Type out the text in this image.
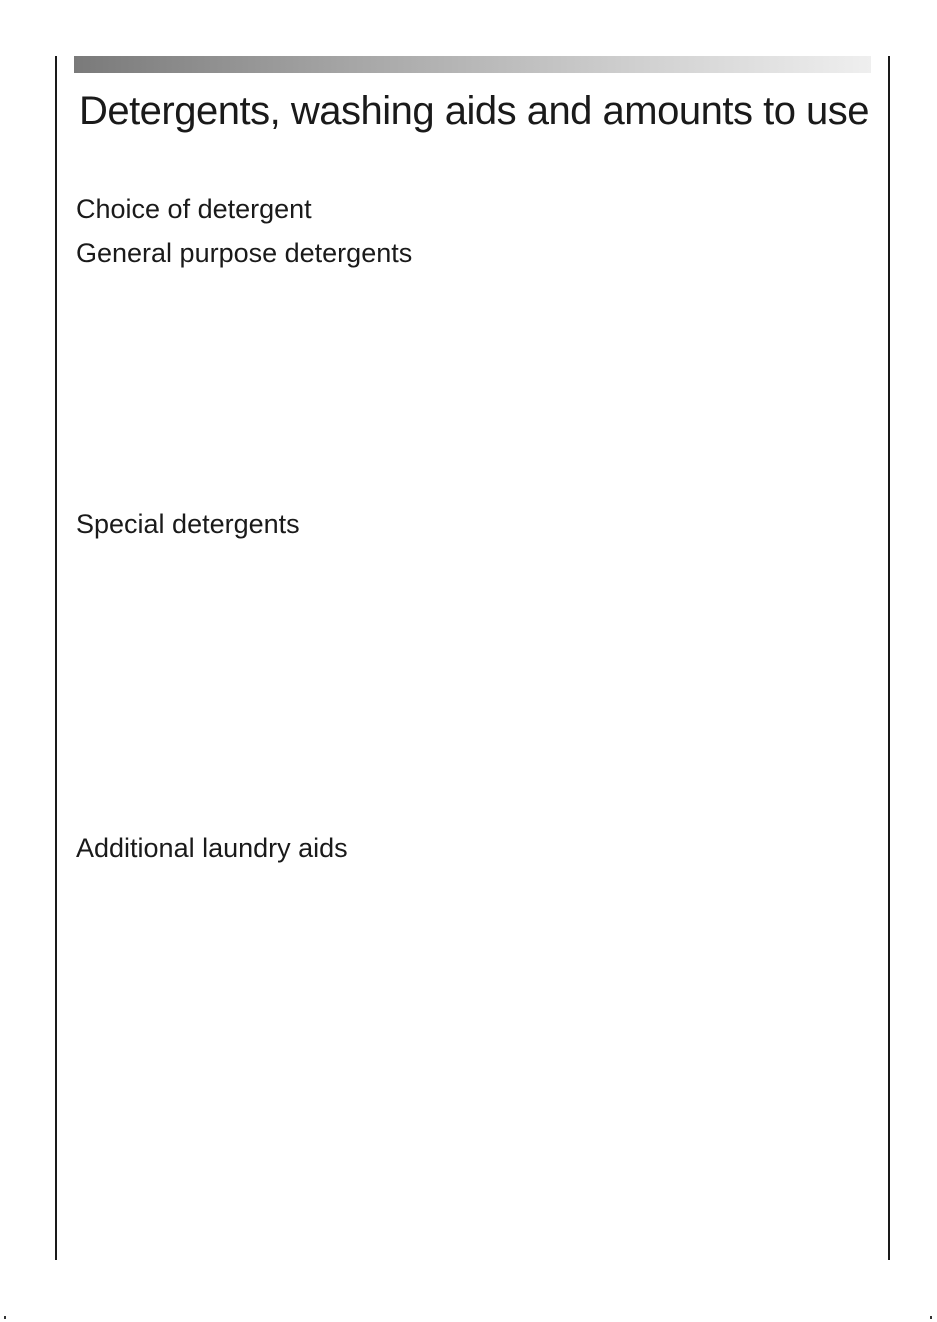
Detergents, washing aids and amounts to use
Choice of detergent
General purpose detergents
Special detergents
Additional laundry aids
